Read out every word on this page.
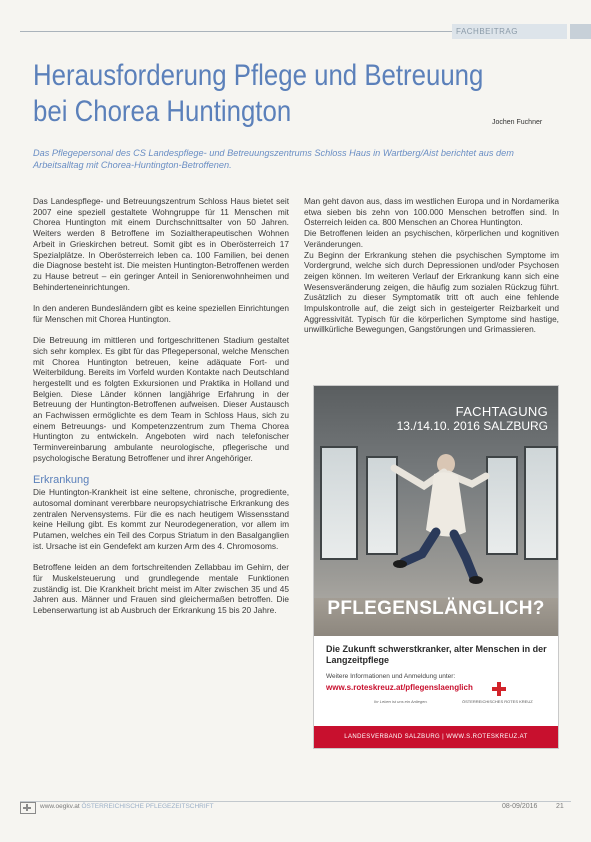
FACHBEITRAG
Herausforderung Pflege und Betreuung
bei Chorea Huntington	Jochen Fuchner
Das Pflegepersonal des CS Landespflege- und Betreuungszentrums Schloss Haus in Wartberg/Aist berichtet aus dem Arbeitsalltag mit Chorea-Huntington-Betroffenen.

Das Landespflege- und Betreuungszentrum Schloss Haus bietet seit 2007 eine speziell gestaltete Wohngruppe für 11 Menschen mit Chorea Huntington mit einem Durchschnittsalter von 50 Jahren. Weiters werden 8 Betroffene im Sozialtherapeutischen Wohnen Arbeit in Grieskirchen betreut. Somit gibt es in Oberösterreich 17 Spezialplätze. In Oberösterreich leben ca. 100 Familien, bei denen die Diagnose besteht ist. Die meisten Huntington-Betroffenen werden zu Hause betreut – ein geringer Anteil in Seniorenwohnheimen und Behinderteneinrichtungen.

In den anderen Bundesländern gibt es keine speziellen Einrichtungen für Menschen mit Chorea Huntington.

Die Betreuung im mittleren und fortgeschrittenen Stadium gestaltet sich sehr komplex. Es gibt für das Pflegepersonal, welche Menschen mit Chorea Huntington betreuen, keine adäquate Fort- und Weiterbildung. Bereits im Vorfeld wurden Kontakte nach Deutschland hergestellt und es folgten Exkursionen und Praktika in Holland und Belgien. Diese Länder können langjährige Erfahrung in der Betreuung der Huntington-Betroffenen aufweisen. Dieser Austausch an Fachwissen ermöglichte es dem Team in Schloss Haus, sich zu einem Betreuungs- und Kompetenzzentrum zum Thema Chorea Huntington zu entwickeln. Angeboten wird nach telefonischer Terminvereinbarung ambulante neurologische, pflegerische und psychologische Beratung Betroffener und ihrer Angehöriger.

Erkrankung

Die Huntington-Krankheit ist eine seltene, chronische, progrediente, autosomal dominant vererbbare neuropsychiatrische Erkrankung des zentralen Nervensystems. Für die es nach heutigem Wissensstand keine Heilung gibt. Es kommt zur Neurodegeneration, vor allem im Putamen, welches ein Teil des Corpus Striatum in den Basalganglien ist. Ursache ist ein Gendefekt am kurzen Arm des 4. Chromosoms.

Betroffene leiden an dem fortschreitenden Zellabbau im Gehirn, der für Muskelsteuerung und grundlegende mentale Funktionen zuständig ist. Die Krankheit bricht meist im Alter zwischen 35 und 45 Jahren aus. Männer und Frauen sind gleichermaßen betroffen. Die Lebenserwartung ist ab Ausbruch der Erkrankung 15 bis 20 Jahre.

Man geht davon aus, dass im westlichen Europa und in Nordamerika etwa sieben bis zehn von 100.000 Menschen betroffen sind. In Österreich leiden ca. 800 Menschen an Chorea Huntington.

Die Betroffenen leiden an psychischen, körperlichen und kognitiven Veränderungen.

Zu Beginn der Erkrankung stehen die psychischen Symptome im Vordergrund, welche sich durch Depressionen und/oder Psychosen zeigen können. Im weiteren Verlauf der Erkrankung kann sich eine Wesensveränderung zeigen, die häufig zum sozialen Rückzug führt. Zusätzlich zu dieser Symptomatik tritt oft auch eine fehlende Impulskontrolle auf, die zeigt sich in gesteigerter Reizbarkeit und Aggressivität. Typisch für die körperlichen Symptome sind hastige, unwillkürliche Bewegungen, Gangstörungen und Grimassieren.

FACHTAGUNG
13./14.10. 2016 SALZBURG
PFLEGENSLÄNGLICH?
Die Zukunft schwerstkranker, alter Menschen in der Langzeitpflege
Weitere Informationen und Anmeldung unter:
www.s.roteskreuz.at/pflegenslaenglich
Ihr Leben ist uns ein Anliegen.	ÖSTERREICHISCHES ROTES KREUZ
LANDESVERBAND SALZBURG | WWW.S.ROTESKREUZ.AT
www.oegkv.at ÖSTERREICHISCHE PFLEGEZEITSCHRIFT	08-09/2016	21
